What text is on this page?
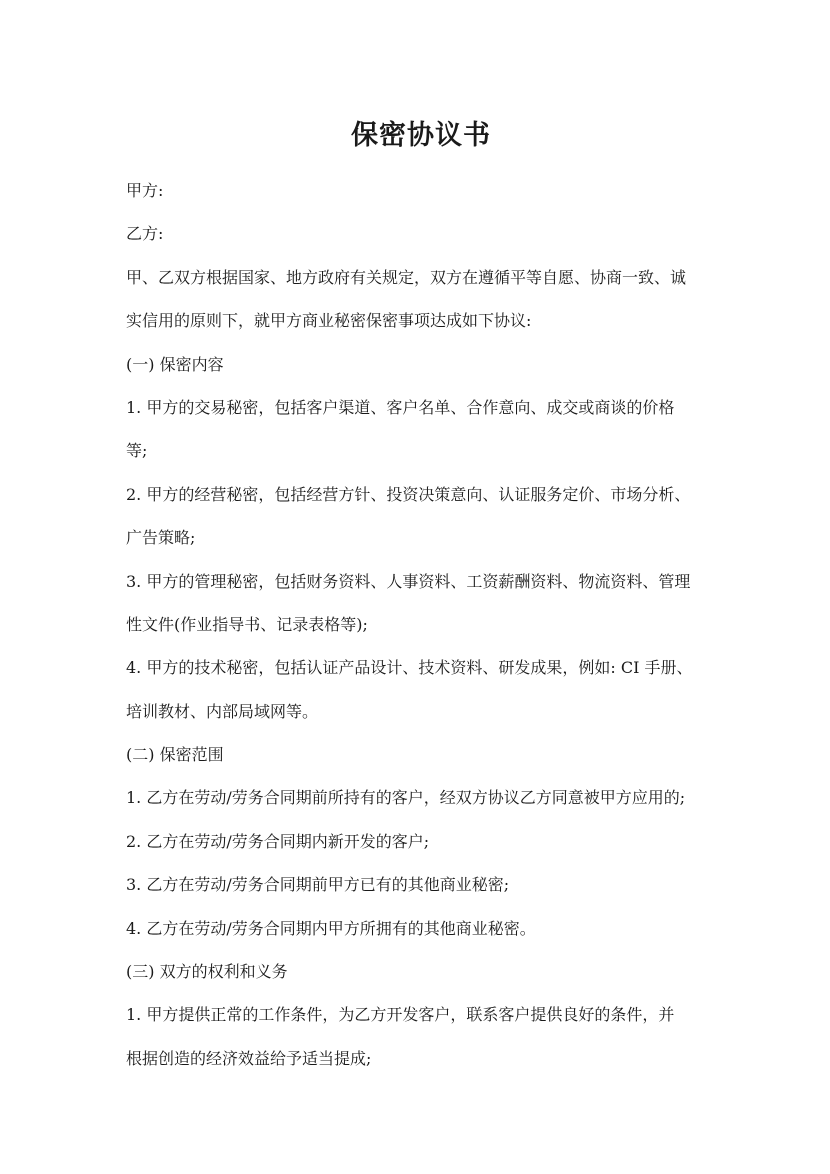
保密协议书
甲方:
乙方:
甲、乙双方根据国家、地方政府有关规定，双方在遵循平等自愿、协商一致、诚
实信用的原则下，就甲方商业秘密保密事项达成如下协议:
(一) 保密内容
1. 甲方的交易秘密，包括客户渠道、客户名单、合作意向、成交或商谈的价格
等;
2. 甲方的经营秘密，包括经营方针、投资决策意向、认证服务定价、市场分析、
广告策略;
3. 甲方的管理秘密，包括财务资料、人事资料、工资薪酬资料、物流资料、管理
性文件(作业指导书、记录表格等);
4. 甲方的技术秘密，包括认证产品设计、技术资料、研发成果，例如: CI 手册、
培训教材、内部局域网等。
(二) 保密范围
1. 乙方在劳动/劳务合同期前所持有的客户，经双方协议乙方同意被甲方应用的;
2. 乙方在劳动/劳务合同期内新开发的客户;
3. 乙方在劳动/劳务合同期前甲方已有的其他商业秘密;
4. 乙方在劳动/劳务合同期内甲方所拥有的其他商业秘密。
(三) 双方的权利和义务
1. 甲方提供正常的工作条件，为乙方开发客户，联系客户提供良好的条件，并
根据创造的经济效益给予适当提成;
